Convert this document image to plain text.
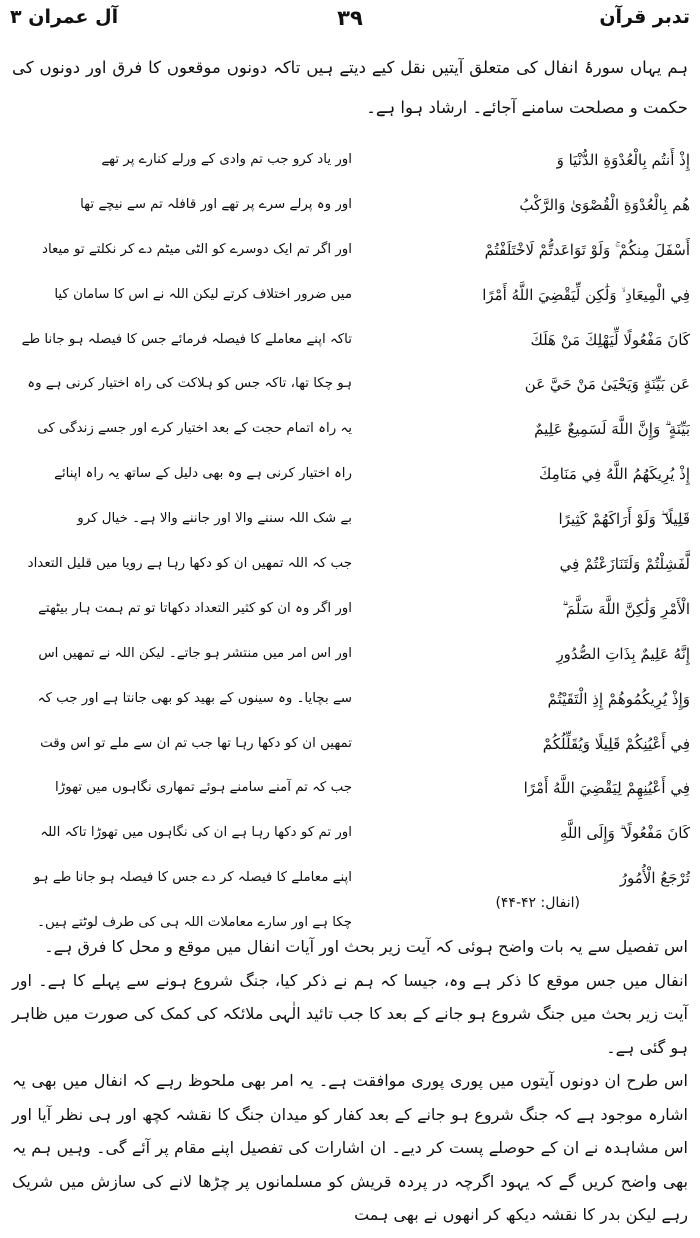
تدبر قرآن
۳۹
آل عمران ۳
ہم یہاں سورۂ انفال کی متعلق آیتیں نقل کیے دیتے ہیں تاکہ دونوں موقعوں کا فرق اور دونوں کی حکمت و مصلحت سامنے آجائے۔ ارشاد ہوا ہے۔
إِذْ أَنتُم بِالْعُدْوَةِ الدُّنْيَا وَ
هُم بِالْعُدْوَةِ الْقُصْوَىٰ وَالرَّكْبُ
أَسْفَلَ مِنكُمْ ۚ وَلَوْ تَوَاعَدتُّمْ لَاخْتَلَفْتُمْ
فِي الْمِيعَادِ ۙ وَلَٰكِن لِّيَقْضِيَ اللَّهُ أَمْرًا
كَانَ مَفْعُولًا لِّيَهْلِكَ مَنْ هَلَكَ
عَن بَيِّنَةٍ وَيَحْيَىٰ مَنْ حَيَّ عَن
بَيِّنَةٍ ۗ وَإِنَّ اللَّهَ لَسَمِيعٌ عَلِيمٌ
إِذْ يُرِيكَهُمُ اللَّهُ فِي مَنَامِكَ
قَلِيلًا ۖ وَلَوْ أَرَاكَهُمْ كَثِيرًا
لَّفَشِلْتُمْ وَلَتَنَازَعْتُمْ فِي
الْأَمْرِ وَلَٰكِنَّ اللَّهَ سَلَّمَ ۗ
إِنَّهُ عَلِيمٌ بِذَاتِ الصُّدُورِ
وَإِذْ يُرِيكُمُوهُمْ إِذِ الْتَقَيْتُمْ
فِي أَعْيُنِكُمْ قَلِيلًا وَيُقَلِّلُكُمْ
فِي أَعْيُنِهِمْ لِيَقْضِيَ اللَّهُ أَمْرًا
كَانَ مَفْعُولًا ۗ وَإِلَى اللَّهِ
تُرْجَعُ الْأُمُورُ
اور یاد کرو جب تم وادی کے ورلے کنارے پر تھے
اور وہ پرلے سرے پر تھے اور قافلہ تم سے نیچے تھا
اور اگر تم ایک دوسرے کو الٹی میٹم دے کر نکلتے تو میعاد
میں ضرور اختلاف کرتے لیکن اللہ نے اس کا سامان کیا
تاکہ اپنے معاملے کا فیصلہ فرمائے جس کا فیصلہ ہو جانا طے
ہو چکا تھا، تاکہ جس کو ہلاکت کی راہ اختیار کرنی ہے وہ
یہ راہ اتمام حجت کے بعد اختیار کرے اور جسے زندگی کی
راہ اختیار کرنی ہے وہ بھی دلیل کے ساتھ یہ راہ اپنائے
بے شک اللہ سننے والا اور جاننے والا ہے۔ خیال کرو
جب کہ اللہ تمھیں ان کو دکھا رہا ہے رویا میں قلیل التعداد
اور اگر وہ ان کو کثیر التعداد دکھاتا تو تم ہمت ہار بیٹھتے
اور اس امر میں منتشر ہو جاتے۔ لیکن اللہ نے تمھیں اس
سے بچایا۔ وہ سینوں کے بھید کو بھی جانتا ہے اور جب کہ
تمھیں ان کو دکھا رہا تھا جب تم ان سے ملے تو اس وقت
جب کہ تم آمنے سامنے ہوئے تمھاری نگاہوں میں تھوڑا
اور تم کو دکھا رہا ہے ان کی نگاہوں میں تھوڑا تاکہ اللہ
اپنے معاملے کا فیصلہ کر دے جس کا فیصلہ ہو جانا طے ہو
چکا ہے اور سارے معاملات اللہ ہی کی طرف لوٹتے ہیں۔
(انفال: ۴۲-۴۴)

اس تفصیل سے یہ بات واضح ہوئی کہ آیت زیر بحث اور آیات انفال میں موقع و محل کا فرق ہے۔

انفال میں جس موقع کا ذکر ہے وہ، جیسا کہ ہم نے ذکر کیا، جنگ شروع ہونے سے پہلے کا ہے۔ اور آیت زیر بحث میں جنگ شروع ہو جانے کے بعد کا جب تائید الٰہی ملائکہ کی کمک کی صورت میں ظاہر ہو گئی ہے۔

اس طرح ان دونوں آیتوں میں پوری پوری موافقت ہے۔ یہ امر بھی ملحوظ رہے کہ انفال میں بھی یہ اشارہ موجود ہے کہ جنگ شروع ہو جانے کے بعد کفار کو میدان جنگ کا نقشہ کچھ اور ہی نظر آیا اور اس مشاہدہ نے ان کے حوصلے پست کر دیے۔ ان اشارات کی تفصیل اپنے مقام پر آئے گی۔ وہیں ہم یہ بھی واضح کریں گے کہ یہود اگرچہ در پردہ قریش کو مسلمانوں پر چڑھا لانے کی سازش میں شریک رہے لیکن بدر کا نقشہ دیکھ کر انھوں نے بھی ہمت
